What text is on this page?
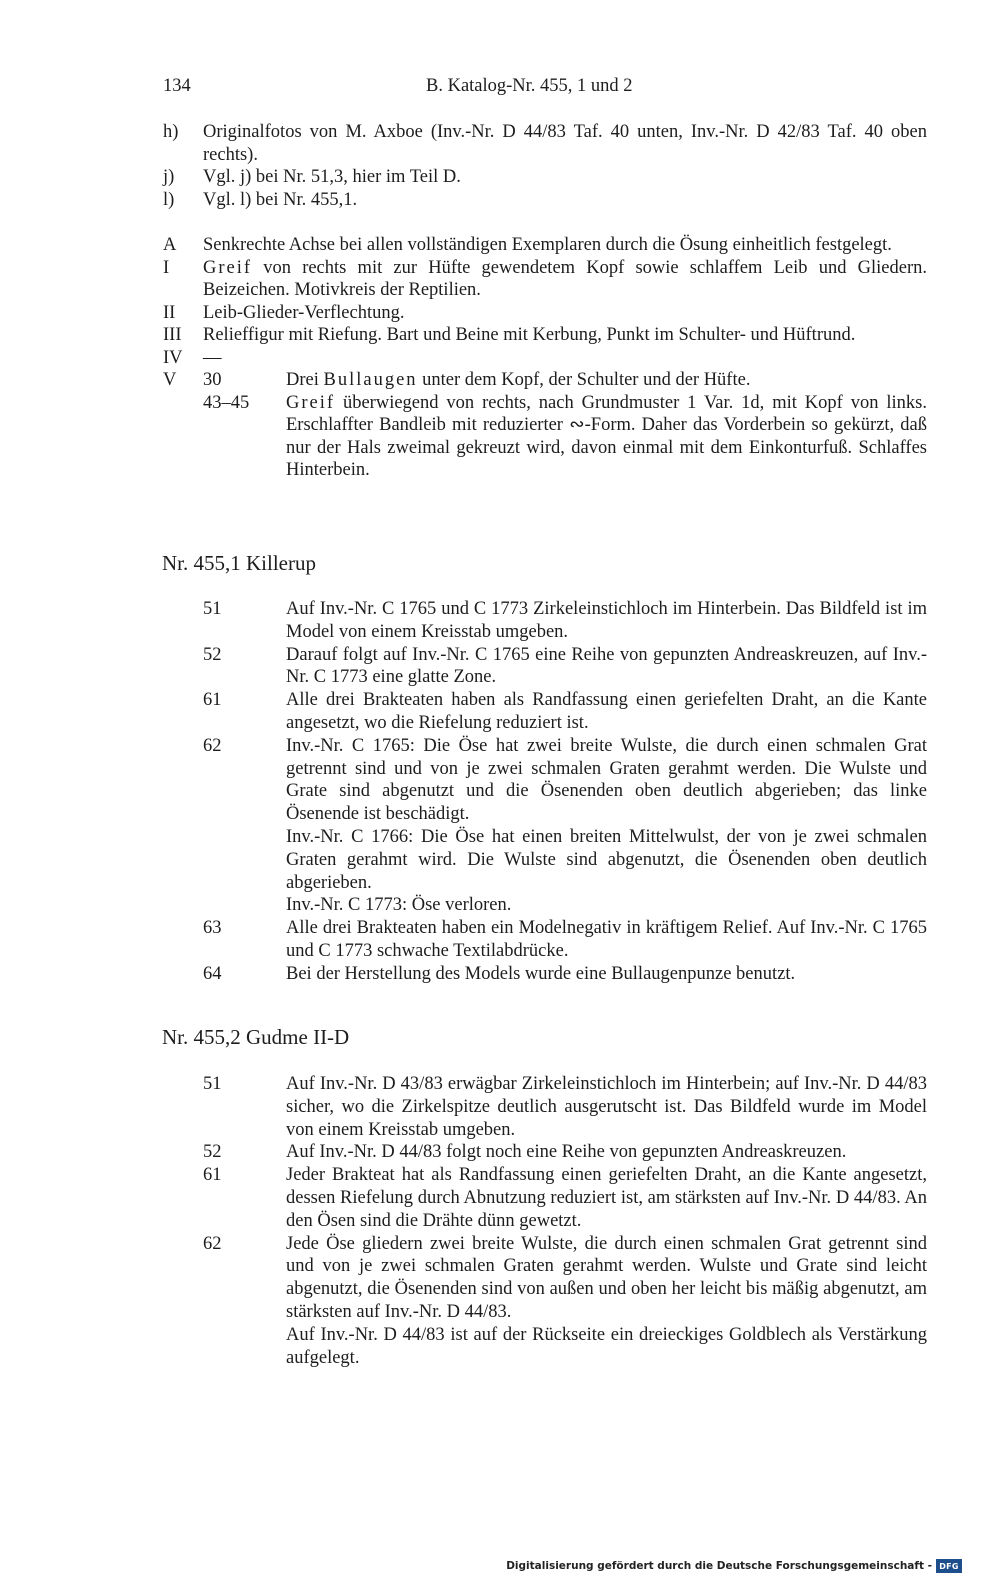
134	B. Katalog-Nr. 455, 1 und 2
h) Originalfotos von M. Axboe (Inv.-Nr. D 44/83 Taf. 40 unten, Inv.-Nr. D 42/83 Taf. 40 oben rechts).
j) Vgl. j) bei Nr. 51,3, hier im Teil D.
l) Vgl. l) bei Nr. 455,1.
A Senkrechte Achse bei allen vollständigen Exemplaren durch die Ösung einheitlich festgelegt.
I Greif von rechts mit zur Hüfte gewendetem Kopf sowie schlaffem Leib und Gliedern. Beizeichen. Motivkreis der Reptilien.
II Leib-Glieder-Verflechtung.
III Relieffigur mit Riefung. Bart und Beine mit Kerbung, Punkt im Schulter- und Hüftrund.
IV —
V 30	Drei Bullaugen unter dem Kopf, der Schulter und der Hüfte.
43–45 Greif überwiegend von rechts, nach Grundmuster 1 Var. 1d, mit Kopf von links. Erschlaffter Bandleib mit reduzierter ∾-Form. Daher das Vorderbein so gekürzt, daß nur der Hals zweimal gekreuzt wird, davon einmal mit dem Einkonturfuß. Schlaffes Hinterbein.
Nr. 455,1 Killerup
51	Auf Inv.-Nr. C 1765 und C 1773 Zirkeleinstichloch im Hinterbein. Das Bildfeld ist im Model von einem Kreisstab umgeben.
52	Darauf folgt auf Inv.-Nr. C 1765 eine Reihe von gepunzten Andreaskreuzen, auf Inv.-Nr. C 1773 eine glatte Zone.
61	Alle drei Brakteaten haben als Randfassung einen geriefelten Draht, an die Kante angesetzt, wo die Riefelung reduziert ist.
62	Inv.-Nr. C 1765: Die Öse hat zwei breite Wulste, die durch einen schmalen Grat getrennt sind und von je zwei schmalen Graten gerahmt werden. Die Wulste und Grate sind abgenutzt und die Ösenenden oben deutlich abgerieben; das linke Ösenende ist beschädigt.
Inv.-Nr. C 1766: Die Öse hat einen breiten Mittelwulst, der von je zwei schmalen Graten gerahmt wird. Die Wulste sind abgenutzt, die Ösenenden oben deutlich abgerieben.
Inv.-Nr. C 1773: Öse verloren.
63	Alle drei Brakteaten haben ein Modelnegativ in kräftigem Relief. Auf Inv.-Nr. C 1765 und C 1773 schwache Textilabdrücke.
64	Bei der Herstellung des Models wurde eine Bullaugenpunze benutzt.
Nr. 455,2 Gudme II-D
51	Auf Inv.-Nr. D 43/83 erwägbar Zirkeleinstichloch im Hinterbein; auf Inv.-Nr. D 44/83 sicher, wo die Zirkelspitze deutlich ausgerutscht ist. Das Bildfeld wurde im Model von einem Kreisstab umgeben.
52	Auf Inv.-Nr. D 44/83 folgt noch eine Reihe von gepunzten Andreaskreuzen.
61	Jeder Brakteat hat als Randfassung einen geriefelten Draht, an die Kante angesetzt, dessen Riefelung durch Abnutzung reduziert ist, am stärksten auf Inv.-Nr. D 44/83. An den Ösen sind die Drähte dünn gewetzt.
62	Jede Öse gliedern zwei breite Wulste, die durch einen schmalen Grat getrennt sind und von je zwei schmalen Graten gerahmt werden. Wulste und Grate sind leicht abgenutzt, die Ösenenden sind von außen und oben her leicht bis mäßig abgenutzt, am stärksten auf Inv.-Nr. D 44/83.
Auf Inv.-Nr. D 44/83 ist auf der Rückseite ein dreieckiges Goldblech als Verstärkung aufgelegt.
Digitalisierung gefördert durch die Deutsche Forschungsgemeinschaft - DFG
